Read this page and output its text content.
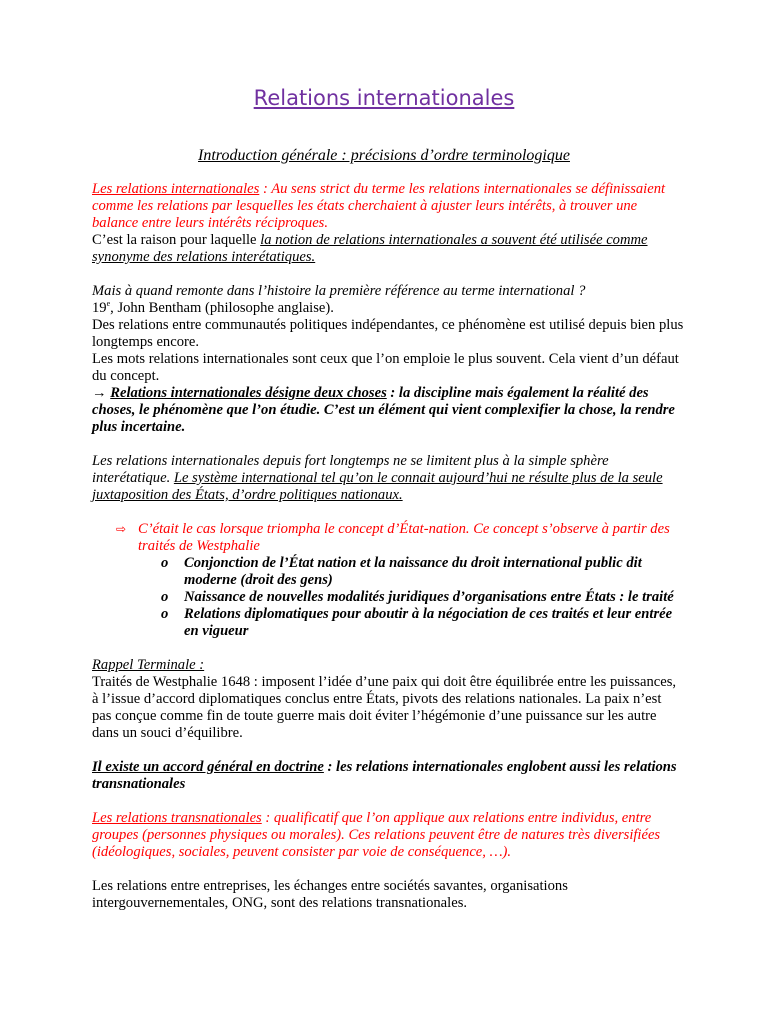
Relations internationales
Introduction générale : précisions d’ordre terminologique

Les relations internationales : Au sens strict du terme les relations internationales se définissaient comme les relations par lesquelles les états cherchaient à ajuster leurs intérêts, à trouver une balance entre leurs intérêts réciproques.

C’est la raison pour laquelle la notion de relations internationales a souvent été utilisée comme synonyme des relations interétatiques.

Mais à quand remonte dans l’histoire la première référence au terme international ?

19e, John Bentham (philosophe anglaise).

Des relations entre communautés politiques indépendantes, ce phénomène est utilisé depuis bien plus longtemps encore.

Les mots relations internationales sont ceux que l’on emploie le plus souvent. Cela vient d’un défaut du concept.

→ Relations internationales désigne deux choses : la discipline mais également la réalité des choses, le phénomène que l’on étudie. C’est un élément qui vient complexifier la chose, la rendre plus incertaine.

Les relations internationales depuis fort longtemps ne se limitent plus à la simple sphère interétatique. Le système international tel qu’on le connait aujourd’hui ne résulte plus de la seule juxtaposition des États, d’ordre politiques nationaux.

⇨ C’était le cas lorsque triompha le concept d’État-nation. Ce concept s’observe à partir des traités de Westphalie

o Conjonction de l’État nation et la naissance du droit international public dit moderne (droit des gens)

o Naissance de nouvelles modalités juridiques d’organisations entre États : le traité

o Relations diplomatiques pour aboutir à la négociation de ces traités et leur entrée en vigueur

Rappel Terminale :

Traités de Westphalie 1648 : imposent l’idée d’une paix qui doit être équilibrée entre les puissances, à l’issue d’accord diplomatiques conclus entre États, pivots des relations nationales. La paix n’est pas conçue comme fin de toute guerre mais doit éviter l’hégémonie d’une puissance sur les autre dans un souci d’équilibre.

Il existe un accord général en doctrine : les relations internationales englobent aussi les relations transnationales

Les relations transnationales : qualificatif que l’on applique aux relations entre individus, entre groupes (personnes physiques ou morales). Ces relations peuvent être de natures très diversifiées (idéologiques, sociales, peuvent consister par voie de conséquence, …).

Les relations entre entreprises, les échanges entre sociétés savantes, organisations intergouvernementales, ONG, sont des relations transnationales.
